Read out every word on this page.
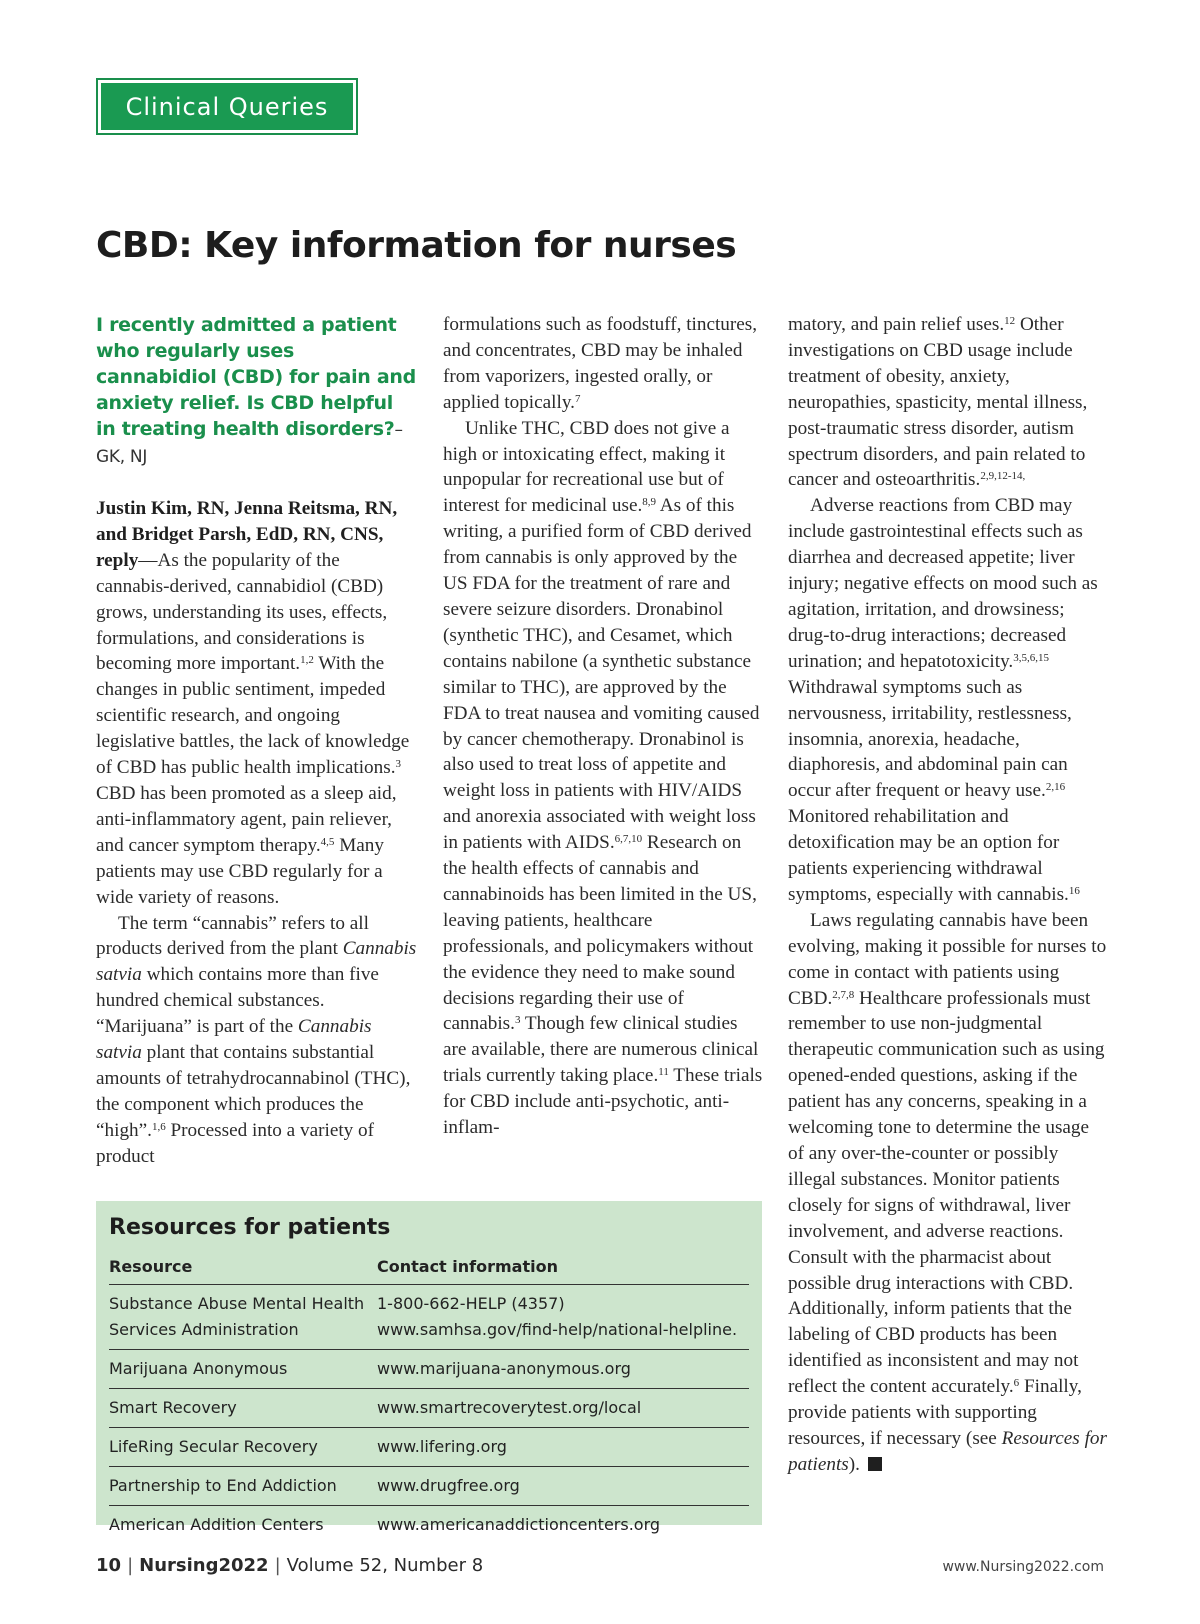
Clinical Queries
CBD: Key information for nurses

I recently admitted a patient who regularly uses cannabidiol (CBD) for pain and anxiety relief. Is CBD helpful in treating health disorders?– GK, NJ

Justin Kim, RN, Jenna Reitsma, RN, and Bridget Parsh, EdD, RN, CNS, reply—As the popularity of the cannabis-derived, cannabidiol (CBD) grows, understanding its uses, effects, formulations, and considerations is becoming more important.$^{1,2}$ With the changes in public sentiment, impeded scientific research, and ongoing legislative battles, the lack of knowledge of CBD has public health implications.$^3$ CBD has been promoted as a sleep aid, anti-inflammatory agent, pain reliever, and cancer symptom therapy.$^{4,5}$ Many patients may use CBD regularly for a wide variety of reasons.

The term “cannabis” refers to all products derived from the plant Cannabis satvia which contains more than five hundred chemical substances. “Marijuana” is part of the Cannabis satvia plant that contains substantial amounts of tetrahydrocannabinol (THC), the component which produces the “high”.$^{1,6}$ Processed into a variety of product

formulations such as foodstuff, tinctures, and concentrates, CBD may be inhaled from vaporizers, ingested orally, or applied topically.$^7$

Unlike THC, CBD does not give a high or intoxicating effect, making it unpopular for recreational use but of interest for medicinal use.$^{8,9}$ As of this writing, a purified form of CBD derived from cannabis is only approved by the US FDA for the treatment of rare and severe seizure disorders. Dronabinol (synthetic THC), and Cesamet, which contains nabilone (a synthetic substance similar to THC), are approved by the FDA to treat nausea and vomiting caused by cancer chemotherapy. Dronabinol is also used to treat loss of appetite and weight loss in patients with HIV/AIDS and anorexia associated with weight loss in patients with AIDS.$^{6,7,10}$ Research on the health effects of cannabis and cannabinoids has been limited in the US, leaving patients, healthcare professionals, and policymakers without the evidence they need to make sound decisions regarding their use of cannabis.$^3$ Though few clinical studies are available, there are numerous clinical trials currently taking place.$^{11}$ These trials for CBD include anti-psychotic, anti-inflam-

matory, and pain relief uses.$^{12}$ Other investigations on CBD usage include treatment of obesity, anxiety, neuropathies, spasticity, mental illness, post-traumatic stress disorder, autism spectrum disorders, and pain related to cancer and osteoarthritis.$^{2,9,12-14,}$

Adverse reactions from CBD may include gastrointestinal effects such as diarrhea and decreased appetite; liver injury; negative effects on mood such as agitation, irritation, and drowsiness; drug-to-drug interactions; decreased urination; and hepatotoxicity.$^{3,5,6,15}$ Withdrawal symptoms such as nervousness, irritability, restlessness, insomnia, anorexia, headache, diaphoresis, and abdominal pain can occur after frequent or heavy use.$^{2,16}$ Monitored rehabilitation and detoxification may be an option for patients experiencing withdrawal symptoms, especially with cannabis.$^{16}$

Laws regulating cannabis have been evolving, making it possible for nurses to come in contact with patients using CBD.$^{2,7,8}$ Healthcare professionals must remember to use non-judgmental therapeutic communication such as using opened-ended questions, asking if the patient has any concerns, speaking in a welcoming tone to determine the usage of any over-the-counter or possibly illegal substances. Monitor patients closely for signs of withdrawal, liver involvement, and adverse reactions. Consult with the pharmacist about possible drug interactions with CBD. Additionally, inform patients that the labeling of CBD products has been identified as inconsistent and may not reflect the content accurately.$^6$ Finally, provide patients with supporting resources, if necessary (see Resources for patients).

Resources for patients
Resource	Contact information
Substance Abuse Mental Health Services Administration	1-800-662-HELP (4357) www.samhsa.gov/find-help/national-helpline.
Marijuana Anonymous	www.marijuana-anonymous.org
Smart Recovery	www.smartrecoverytest.org/local
LifeRing Secular Recovery	www.lifering.org
Partnership to End Addiction	www.drugfree.org
American Addition Centers	www.americanaddictioncenters.org
10 | Nursing2022 | Volume 52, Number 8	www.Nursing2022.com
